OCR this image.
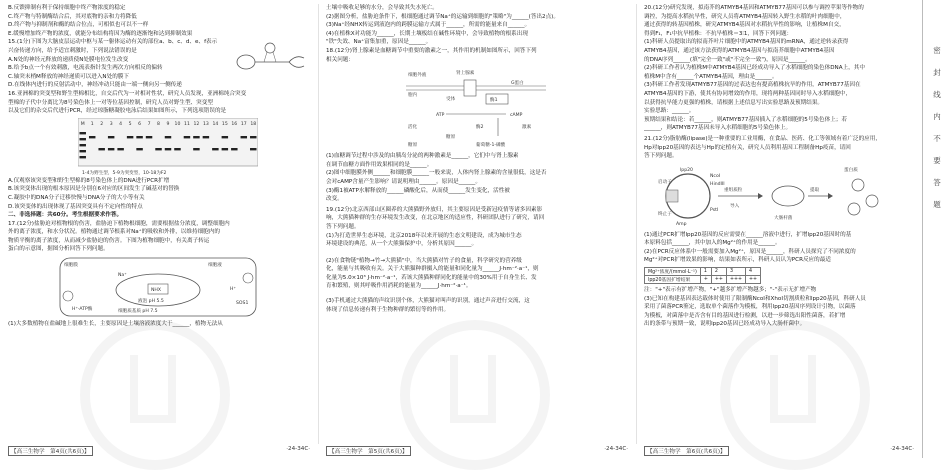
B.反馈抑制有利于保持细胞中终产物浓度的稳定

C.终产物与特制酶结合后，其对底物的亲和力将降低

D.终产物与抑制剂和酶的结合位点，可相似也可以不一样

E.缓慢增加终产物的浓度，就能分布结构将因为酶的逐渐饱和达到抑制效果

15.(1分)下图为大脑皮层运动中枢与某一躯体运动有关的部位a、b、c、d、e、f表示

兴奋传递方向，给予适宜刺激时，下列说法错误的是

A.N处的神经元释放的递质使N处膜电位发生改变

B.给予b点一个有效刺激，电流表指针发生两次方向相反的偏转

C.轴突末梢M释放的神经递质可以进入N处的膜下

D.在线体内进行的反射活动中，神经冲动只能由一端一侧向另一侧传递

16.亚洲棉的突变型和野生型棉相比，自交后代为一对相对性状，研究人员发现，亚洲棉纯合突变

型棉的子代中分离比为8号染色体上一对等位基因控制，研究人员对野生型、突变型

以及它们的杂交后代进行PCR，经过琼脂糖凝胶电泳后结果如图所示，下列选项错误的是

M 1 2 3 4 5 6 7 8 9 10 11 12 13 14 15 16 17 18
1-4为野生型，5-9为突变型，10-18为F2

A.仅观察该突变型和野生型棉的8号染色体上的DNA进行PCR扩增

B.该突变体出现的根本原因是分别在6对应的区间发生了碱基对的替换

C.凝胶中的DNA分子迁移快慢与DNA分子的大小等有关

D.该突变体的出现体现了基因突变具有不定向性的特点

二、非选择题：共60分。考生根据要求作答。

17.(12分)盐胁迫对植物根的伤害，盐胁迫下植物根细胞，需要根据盐分浓度，调整细胞内

外的离子浓度，和水分状况。植物通过调节根系对Na⁺的吸收和外排，以维持细胞内的

物质平衡的离子浓度，从而减少盐胁迫的伤害。下图为植物细胞中，有关离子转运

蛋白的示意图，据图分析回答下列问题。

细胞膜	细胞液
H⁺
Na⁺
NHX
SOS1
H⁺-ATP酶	细胞质基质 pH 7.5
液泡 pH 5.5

(1)大多数植物在盐碱地上很难生长，主要原因是土壤溶液浓度大于______，植物无法从

【高三生物学　第4页(共6页)】	·24-34C·

土壤中吸收足够的水分，会导致其失水死亡。

(2)据图分析，盐胁迫条件下，根细胞通过调节Na⁺的运输到细胞的"策略"为______(答出2点)。

(3)Na⁺经NHX转运到液泡内的跨膜运输方式属于______，所需的能量来自______。

(4)在植株X对功能为______，长期土壤板结在碱性环境中，会导致植物的根系出现

"铁"失效、Na⁺富集加重，原因是______。

18.(12分)肾上腺素是血糖调节中重要的激素之一，其作用的机制如图所示，回答下列

相关问题：

细胞外液	肾上腺素
受体
G蛋白
酶1
ATP	cAMP
活化	酶2
糖原
葡萄糖-1-磷酸
胞内
激素
糖原

(1)血糖调节过程中涉及的由胰岛分泌的两种激素是______，它们中与肾上腺素

在调节血糖方面作用效果相同的是______。

(2)图中细胞膜外侧______和细胞膜______一般来说，人体内肾上腺素的含量很低，这是否

会对cAMP含量产生影响？请说明理由______。原因是______。

(3)酶1被ATP水解释放的______磷酸化后，从而使______发生变化，活性被

改变。

19.(12分)北京西部山区圈养的大熊猫野外放归，其主要原因是受新冠疫情等诸多因素影

响，大熊猫种群的生存环境发生改变，在北京地区的适应性，科研团队进行了研究，请回

答下列问题。

(1)为打造世界生态环境，北京2018年以来开展的生态文明建设，成为城市生态

环境建设的典范，从一个大熊猫保护中，分析其原因______。

(2)在食物链"植物→竹→大熊猫"中，当大熊猫对竹子的食量，科学研究的营养级

化，能量与其吸收有关。关于大熊猫种群摄入的能量和同化量为______J·hm⁻²·a⁻¹，则

化量为5.0×10³ J·hm⁻²·a⁻¹，若该大熊猫种群同化的能量中的30%用于自身生长、发

育和繁殖，则其呼吸作用消耗的能量为______J·hm⁻²·a⁻¹。

(3)手机通过大熊猫的声纹识别个体，大熊猫对叫声的识别，通过声音进行交流，这

体现了信息传递有利于生物种群的繁衍等的作用。

【高三生物学　第5页(共6页)】	·24-34C·

20.(12分)研究发现，拟南芥的ATMYB4基因和ATMYB77基因可以参与调控苹果等作物的

调控，为提高水稻抗旱性，研究人员将ATMYB4基因转入野生水稻的叶肉细胞中，

通过获得的转基因植株，研究ATMYB4基因对水稻抗旱性的影响，让植株M自交，

得到F₁，F₁中抗旱植株：不抗旱植株＝3∶1，回答下列问题：

(1)科研人员提取出的拟南芥叶片细胞中的ATMYB4基因的mRNA，通过逆转录获得

ATMYB4基因，通过该方法获得的ATMYB4基因与拟南芥细胞中ATMYB4基因

的DNA序列______(填"完全一致"或"不完全一致")，原因是______。

(2)科研工作者认为植株M中ATMYB4基因已经成功导入了水稻细胞的染色体DNA上，其中

植株M中含有______个ATMYB4基因，理由是______。

(3)科研工作者发现ATMYB77基因的过表达也有提高植株抗旱的作用，ATMYB77基因在

ATMYB4基因的下游，使其有协同增效的作用，现将两种基因同时导入水稻细胞中，

以获得抗旱能力更强的植株，请根据上述信息写出实验思路及预期结果。

实验思路：______。

预期结果和结论：若______，则ATMYB77基因插入了水稻细胞的5号染色体上；若

______，则ATMYB77基因未导入水稻细胞的5号染色体上。

21.(12分)脂肪酶(lipase)是一种重要的工业用酶，在食品、医药、化工等领域有着广泛的应用，

Hp对lpp20基因的表达与Hp的定植有关，研究人员利用基因工程制备Hp疫苗，请回

答下列问题。

lpp20
Amp
NcoI
HindIII
PstI
启动子
终止子
重组质粒
导入
大肠杆菌
蛋白质
提取

(1)通过PCR扩增lpp20基因的反应需要在______溶液中进行，扩增lpp20基因时的基

本原料包括______，其中加入的Mg²⁺的作用是______。

(2)在PCR反应体系中一般需要加入Mg²⁺，原因是______，科研人员探究了不同浓度的

Mg²⁺对PCR扩增效果的影响，结果如表所示，科研人员认为PCR反应的最适

Mg²⁺浓度/(mmol·L⁻¹)	1	2	3	4
lpp20基因扩增结果	+	++	+++	++

注："+"表示有扩增产物，"+"越多扩增产物越多；"-"表示无扩增产物

(3)已知在构建基因表达载体时使用了限制酶NcoI和XhoI切割质粒和lpp20基因，科研人员

采用了菌落PCR鉴定，选取单个菌落作为模板，利用lpp20基因序列设计引物，以菌落

为模板，对菌落中是否含有目的基因进行检测，以进一步筛选出阳性菌落，若扩增

出的条带与预期一致，说明lpp20基因已经成功导入大肠杆菌中。

【高三生物学　第6页(共6页)】	·24-34C·
密
封
线
内
不
要
答
题
